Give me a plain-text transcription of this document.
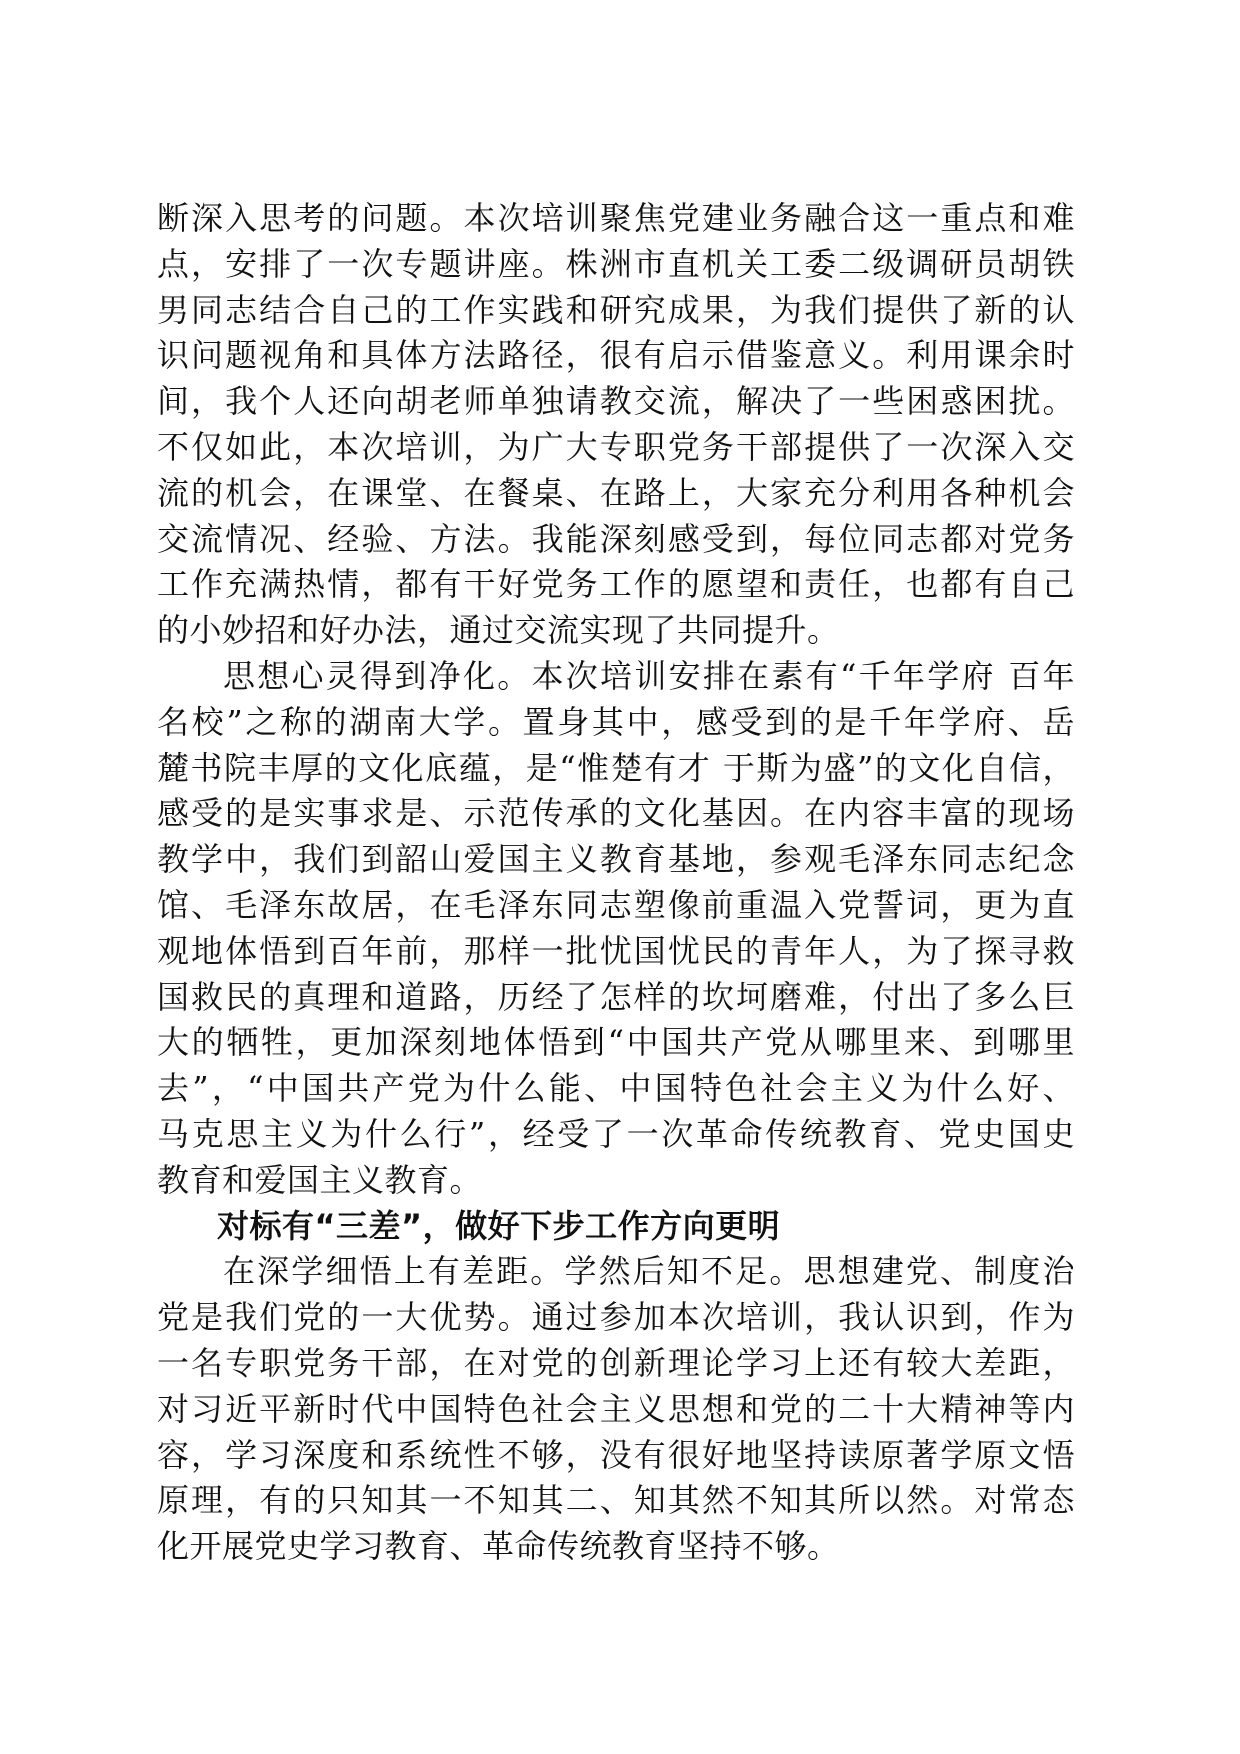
断深入思考的问题。本次培训聚焦党建业务融合这一重点和难
点，安排了一次专题讲座。株洲市直机关工委二级调研员胡铁
男同志结合自己的工作实践和研究成果，为我们提供了新的认
识问题视角和具体方法路径，很有启示借鉴意义。利用课余时
间，我个人还向胡老师单独请教交流，解决了一些困惑困扰。
不仅如此，本次培训，为广大专职党务干部提供了一次深入交
流的机会，在课堂、在餐桌、在路上，大家充分利用各种机会
交流情况、经验、方法。我能深刻感受到，每位同志都对党务
工作充满热情，都有干好党务工作的愿望和责任，也都有自己
的小妙招和好办法，通过交流实现了共同提升。
思想心灵得到净化。本次培训安排在素有“千年学府 百年
名校”之称的湖南大学。置身其中，感受到的是千年学府、岳
麓书院丰厚的文化底蕴，是“惟楚有才 于斯为盛”的文化自信，
感受的是实事求是、示范传承的文化基因。在内容丰富的现场
教学中，我们到韶山爱国主义教育基地，参观毛泽东同志纪念
馆、毛泽东故居，在毛泽东同志塑像前重温入党誓词，更为直
观地体悟到百年前，那样一批忧国忧民的青年人，为了探寻救
国救民的真理和道路，历经了怎样的坎坷磨难，付出了多么巨
大的牺牲，更加深刻地体悟到“中国共产党从哪里来、到哪里
去”，“中国共产党为什么能、中国特色社会主义为什么好、
马克思主义为什么行”，经受了一次革命传统教育、党史国史
教育和爱国主义教育。
对标有“三差”，做好下步工作方向更明
在深学细悟上有差距。学然后知不足。思想建党、制度治
党是我们党的一大优势。通过参加本次培训，我认识到，作为
一名专职党务干部，在对党的创新理论学习上还有较大差距，
对习近平新时代中国特色社会主义思想和党的二十大精神等内
容，学习深度和系统性不够，没有很好地坚持读原著学原文悟
原理，有的只知其一不知其二、知其然不知其所以然。对常态
化开展党史学习教育、革命传统教育坚持不够。
